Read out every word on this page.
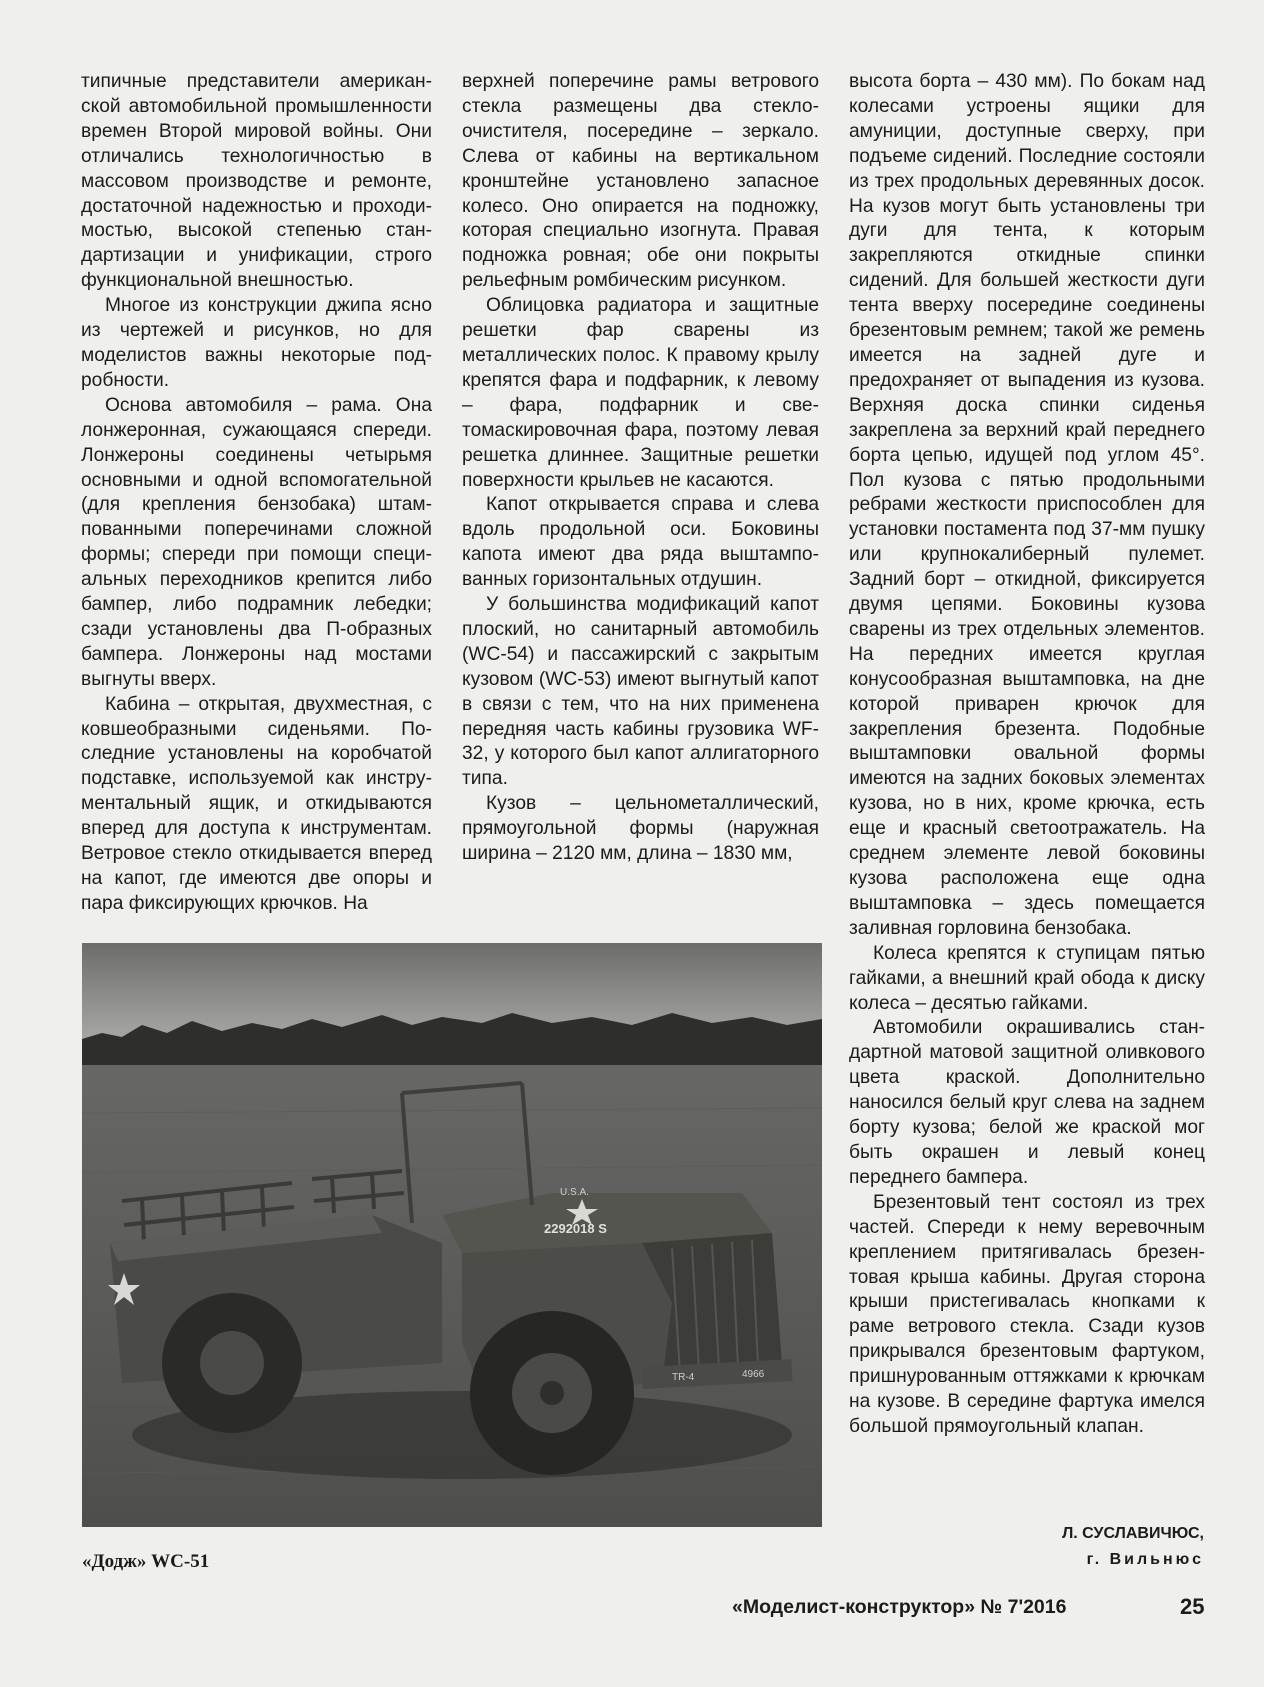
типичные представители американской автомобильной промышленности времен Второй мировой войны. Они отличались технологичностью в массовом производстве и ремонте, достаточной надежностью и проходимостью, высокой степенью стандартизации и унификации, строго функциональной внешностью.

Многое из конструкции джипа ясно из чертежей и рисунков, но для моделистов важны некоторые подробности.

Основа автомобиля – рама. Она лонжеронная, сужающаяся спереди. Лонжероны соединены четырьмя основными и одной вспомогательной (для крепления бензобака) штампованными поперечинами сложной формы; спереди при помощи специальных переходников крепится либо бампер, либо подрамник лебедки; сзади установлены два П-образных бампера. Лонжероны над мостами выгнуты вверх.

Кабина – открытая, двухместная, с ковшеобразными сиденьями. Последние установлены на коробчатой подставке, используемой как инструментальный ящик, и откидываются вперед для доступа к инструментам. Ветровое стекло откидывается вперед на капот, где имеются две опоры и пара фиксирующих крючков. На

верхней поперечине рамы ветрового стекла размещены два стеклоочистителя, посередине – зеркало. Слева от кабины на вертикальном кронштейне установлено запасное колесо. Оно опирается на подножку, которая специально изогнута. Правая подножка ровная; обе они покрыты рельефным ромбическим рисунком.

Облицовка радиатора и защитные решетки фар сварены из металлических полос. К правому крылу крепятся фара и подфарник, к левому – фара, подфарник и светомаскировочная фара, поэтому левая решетка длиннее. Защитные решетки поверхности крыльев не касаются.

Капот открывается справа и слева вдоль продольной оси. Боковины капота имеют два ряда выштампованных горизонтальных отдушин.

У большинства модификаций капот плоский, но санитарный автомобиль (WC-54) и пассажирский с закрытым кузовом (WC-53) имеют выгнутый капот в связи с тем, что на них применена передняя часть кабины грузовика WF-32, у которого был капот аллигаторного типа.

Кузов – цельнометаллический, прямоугольной формы (наружная ширина – 2120 мм, длина – 1830 мм,

высота борта – 430 мм). По бокам над колесами устроены ящики для амуниции, доступные сверху, при подъеме сидений. Последние состояли из трех продольных деревянных досок. На кузов могут быть установлены три дуги для тента, к которым закрепляются откидные спинки сидений. Для большей жесткости дуги тента вверху посередине соединены брезентовым ремнем; такой же ремень имеется на задней дуге и предохраняет от выпадения из кузова. Верхняя доска спинки сиденья закреплена за верхний край переднего борта цепью, идущей под углом 45°. Пол кузова с пятью продольными ребрами жесткости приспособлен для установки постамента под 37-мм пушку или крупнокалиберный пулемет. Задний борт – откидной, фиксируется двумя цепями. Боковины кузова сварены из трех отдельных элементов. На передних имеется круглая конусообразная выштамповка, на дне которой приварен крючок для закрепления брезента. Подобные выштамповки овальной формы имеются на задних боковых элементах кузова, но в них, кроме крючка, есть еще и красный светоотражатель. На среднем элементе левой боковины кузова расположена еще одна выштамповка – здесь помещается заливная горловина бензобака.

Колеса крепятся к ступицам пятью гайками, а внешний край обода к диску колеса – десятью гайками.

Автомобили окрашивались стандартной матовой защитной оливкового цвета краской. Дополнительно наносился белый круг слева на заднем борту кузова; белой же краской мог быть окрашен и левый конец переднего бампера.

Брезентовый тент состоял из трех частей. Спереди к нему веревочным креплением притягивалась брезентовая крыша кабины. Другая сторона крыши пристегивалась кнопками к раме ветрового стекла. Сзади кузов прикрывался брезентовым фартуком, пришнурованным оттяжками к крючкам на кузове. В середине фартука имелся большой прямоугольный клапан.

U.S.A.
2292018 S
TR-4	4966
«Додж» WC-51
Л. СУСЛАВИЧЮС,
г. Вильнюс
«Моделист-конструктор» № 7'2016	25
